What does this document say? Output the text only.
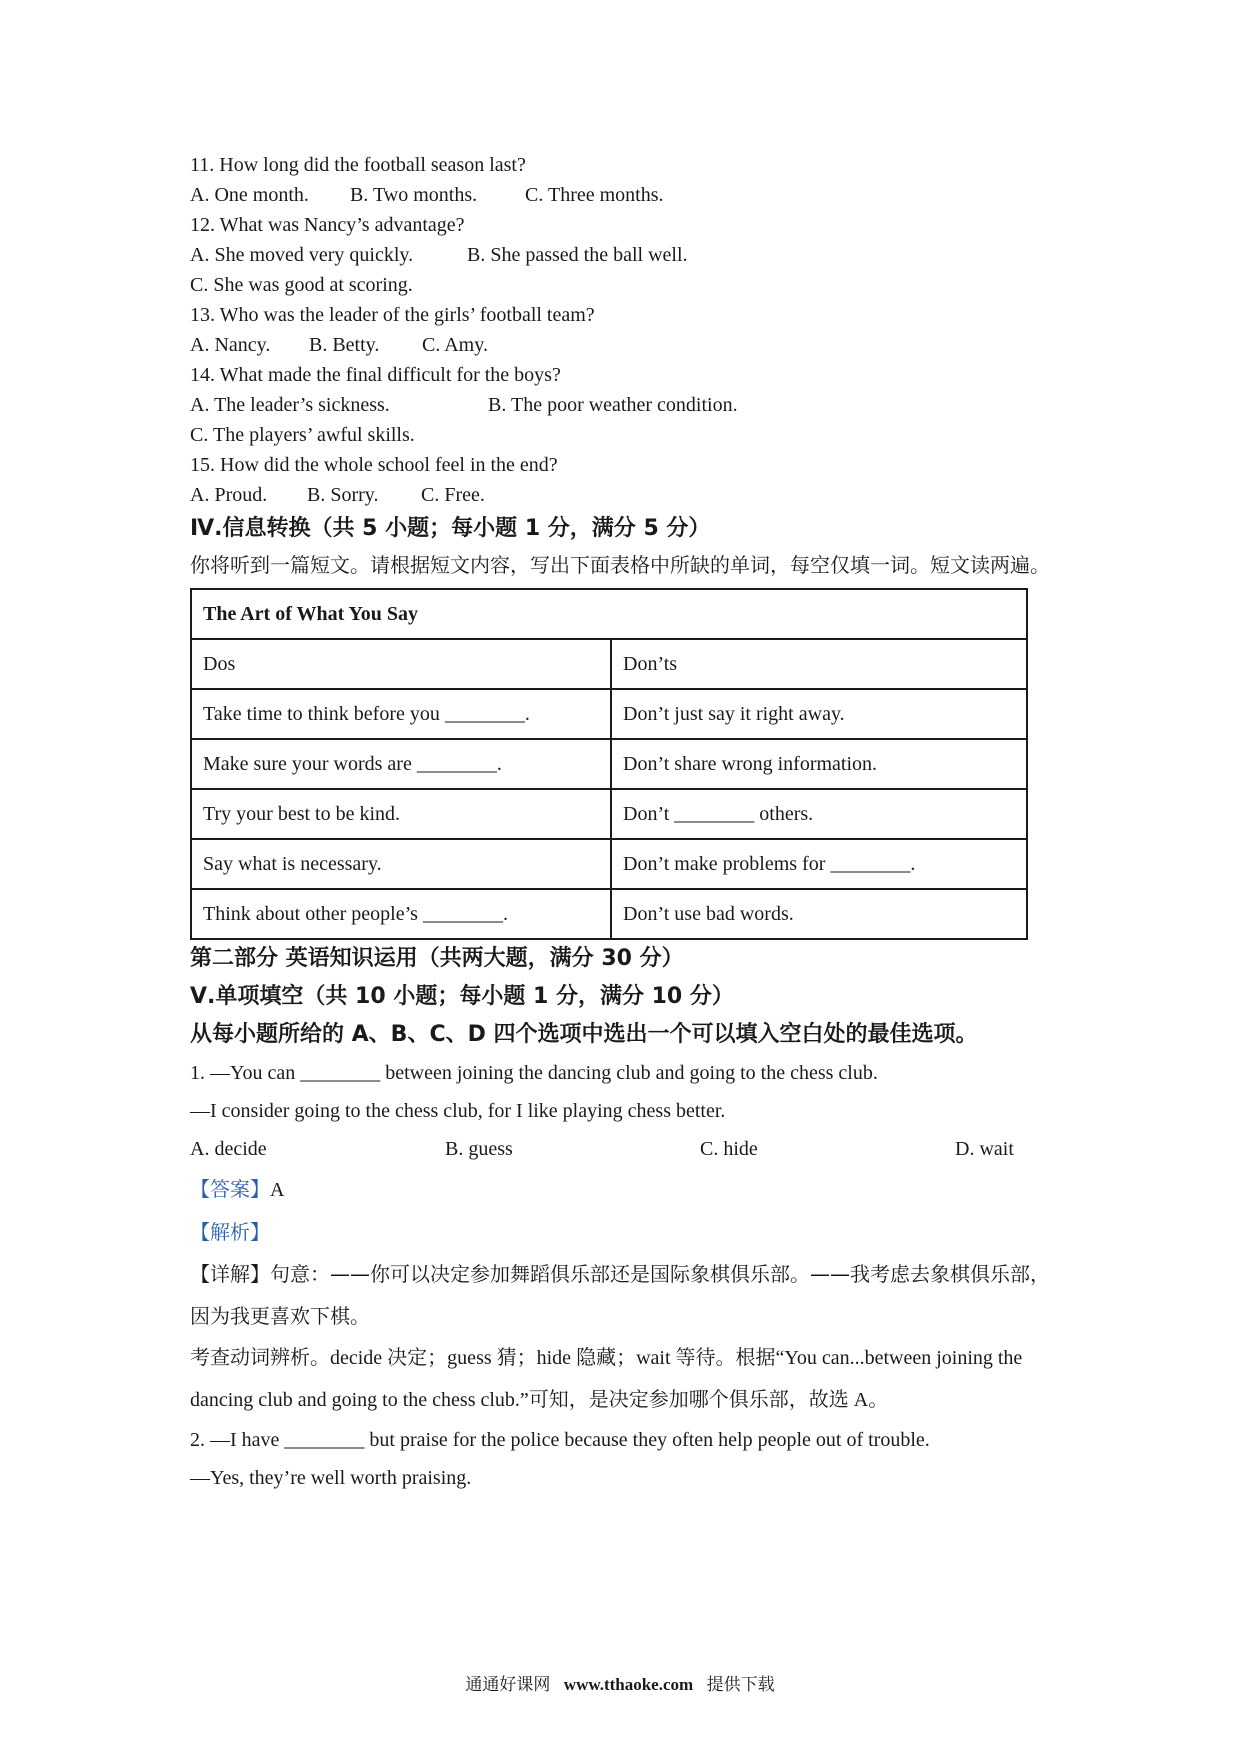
11. How long did the football season last?
A. One month.	B. Two months.	C. Three months.
12. What was Nancy’s advantage?
A. She moved very quickly.	B. She passed the ball well.
C. She was good at scoring.
13. Who was the leader of the girls’ football team?
A. Nancy.	B. Betty.	C. Amy.
14. What made the final difficult for the boys?
A. The leader’s sickness.	B. The poor weather condition.
C. The players’ awful skills.
15. How did the whole school feel in the end?
A. Proud.	B. Sorry.	C. Free.
Ⅳ.信息转换（共 5 小题；每小题 1 分，满分 5 分）
你将听到一篇短文。请根据短文内容，写出下面表格中所缺的单词，每空仅填一词。短文读两遍。
The Art of What You Say	
Dos	Don’ts
Take time to think before you ________.	Don’t just say it right away.
Make sure your words are ________.	Don’t share wrong information.
Try your best to be kind.	Don’t ________ others.
Say what is necessary.	Don’t make problems for ________.
Think about other people’s ________.	Don’t use bad words.
第二部分 英语知识运用（共两大题，满分 30 分）
Ⅴ.单项填空（共 10 小题；每小题 1 分，满分 10 分）
从每小题所给的 A、B、C、D 四个选项中选出一个可以填入空白处的最佳选项。
1. —You can ________ between joining the dancing club and going to the chess club.
—I consider going to the chess club, for I like playing chess better.
A. decide	B. guess	C. hide	D. wait
【答案】A
【解析】
【详解】句意：——你可以决定参加舞蹈俱乐部还是国际象棋俱乐部。——我考虑去象棋俱乐部，因为我更喜欢下棋。
考查动词辨析。decide 决定；guess 猜；hide 隐藏；wait 等待。根据“You can...between joining the dancing club and going to the chess club.”可知，是决定参加哪个俱乐部，故选 A。
2. —I have ________ but praise for the police because they often help people out of trouble.
—Yes, they’re well worth praising.
通通好课网 www.tthaoke.com 提供下载
